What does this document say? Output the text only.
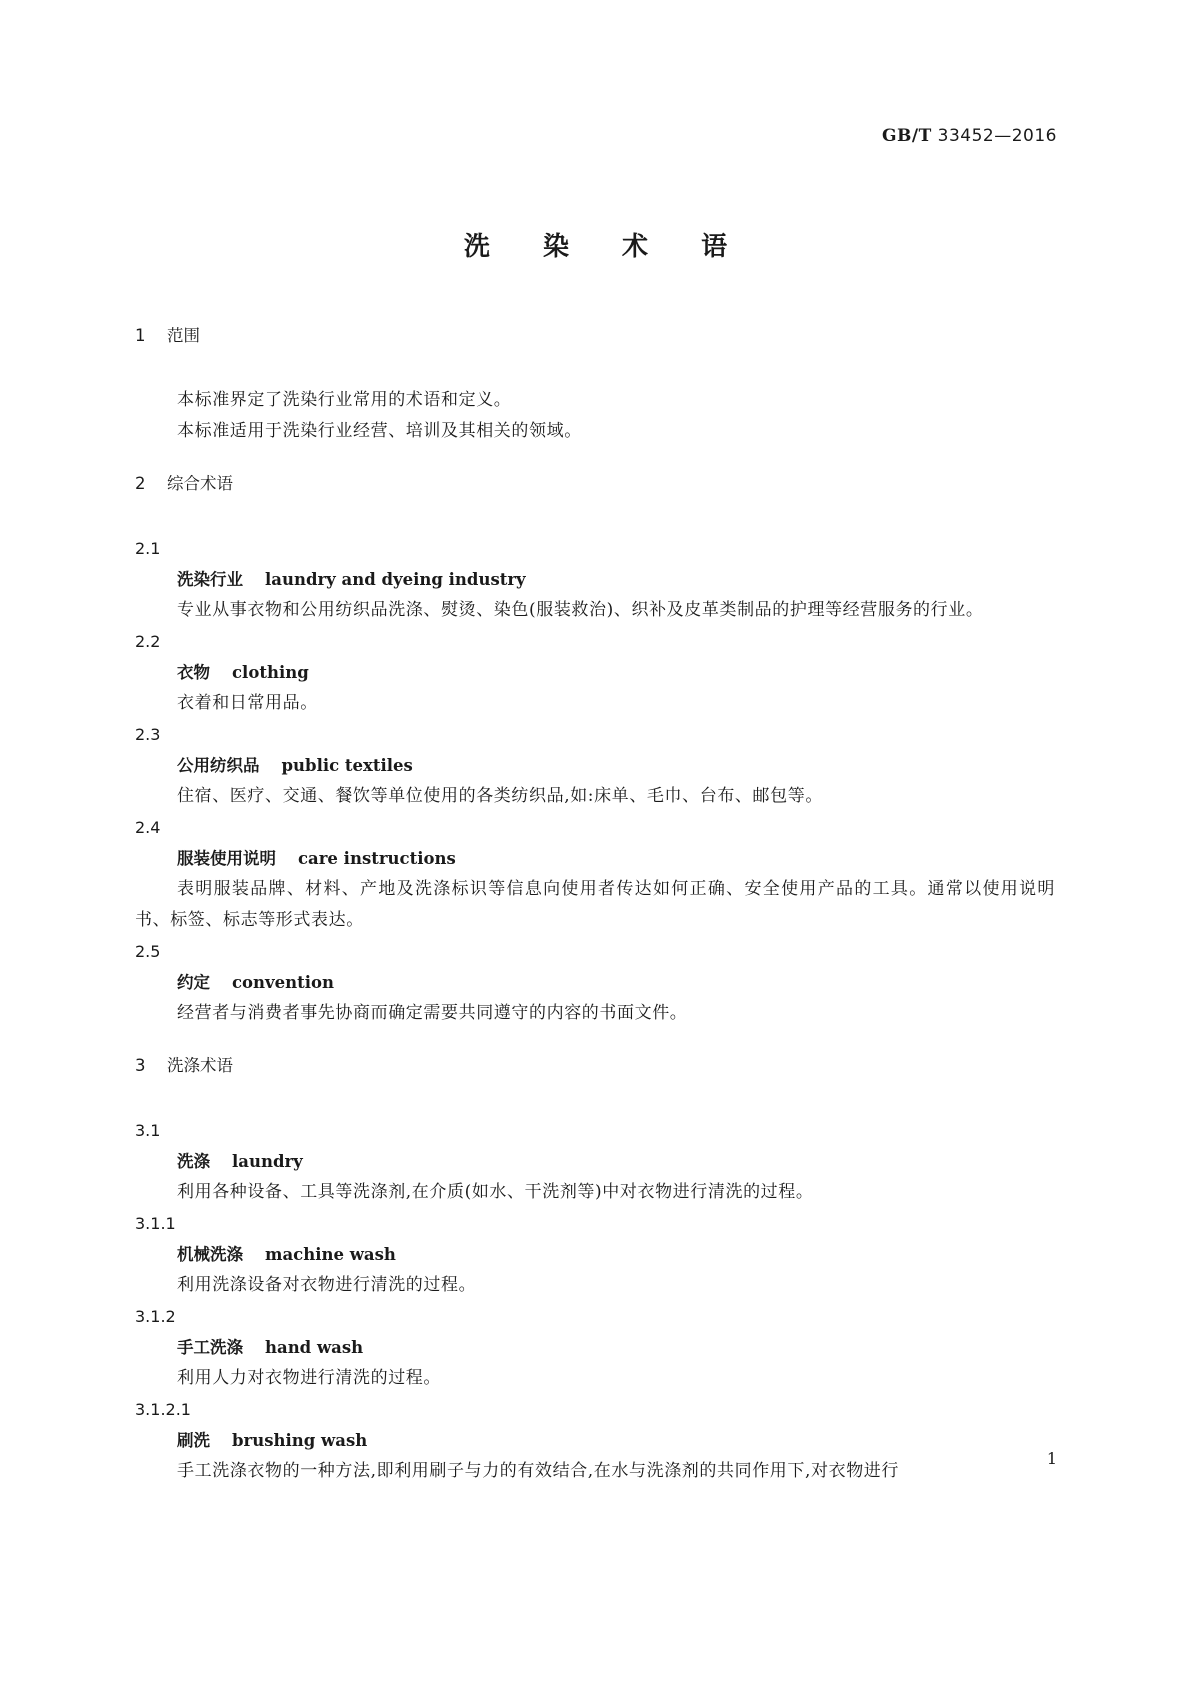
GB/T 33452—2016
洗 染 术 语
1 范围

本标准界定了洗染行业常用的术语和定义。

本标准适用于洗染行业经营、培训及其相关的领域。

2 综合术语
2.1
洗染行业 laundry and dyeing industry

专业从事衣物和公用纺织品洗涤、熨烫、染色(服装救治)、织补及皮革类制品的护理等经营服务的行业。

2.2
衣物 clothing

衣着和日常用品。

2.3
公用纺织品 public textiles

住宿、医疗、交通、餐饮等单位使用的各类纺织品,如:床单、毛巾、台布、邮包等。

2.4
服装使用说明 care instructions

表明服装品牌、材料、产地及洗涤标识等信息向使用者传达如何正确、安全使用产品的工具。通常以使用说明书、标签、标志等形式表达。

2.5
约定 convention

经营者与消费者事先协商而确定需要共同遵守的内容的书面文件。

3 洗涤术语
3.1
洗涤 laundry

利用各种设备、工具等洗涤剂,在介质(如水、干洗剂等)中对衣物进行清洗的过程。

3.1.1
机械洗涤 machine wash

利用洗涤设备对衣物进行清洗的过程。

3.1.2
手工洗涤 hand wash

利用人力对衣物进行清洗的过程。

3.1.2.1
刷洗 brushing wash

手工洗涤衣物的一种方法,即利用刷子与力的有效结合,在水与洗涤剂的共同作用下,对衣物进行

1
